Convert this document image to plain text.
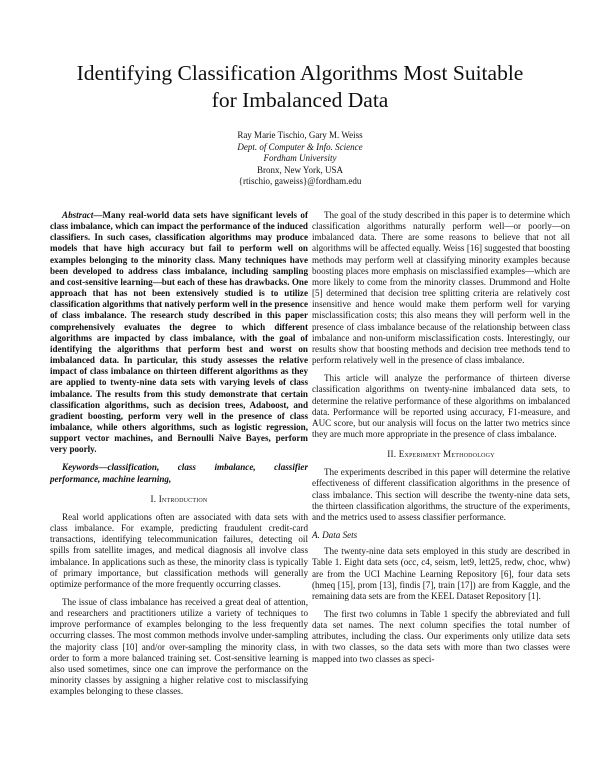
Identifying Classification Algorithms Most Suitable
for Imbalanced Data
Ray Marie Tischio, Gary M. Weiss
Dept. of Computer & Info. Science
Fordham University
Bronx, New York, USA
{rtischio, gaweiss}@fordham.edu

Abstract—Many real-world data sets have significant levels of class imbalance, which can impact the performance of the induced classifiers. In such cases, classification algorithms may produce models that have high accuracy but fail to perform well on examples belonging to the minority class. Many techniques have been developed to address class imbalance, including sampling and cost-sensitive learning—but each of these has drawbacks. One approach that has not been extensively studied is to utilize classification algorithms that natively perform well in the presence of class imbalance. The research study described in this paper comprehensively evaluates the degree to which different algorithms are impacted by class imbalance, with the goal of identifying the algorithms that perform best and worst on imbalanced data. In particular, this study assesses the relative impact of class imbalance on thirteen different algorithms as they are applied to twenty-nine data sets with varying levels of class imbalance. The results from this study demonstrate that certain classification algorithms, such as decision trees, Adaboost, and gradient boosting, perform very well in the presence of class imbalance, while others algorithms, such as logistic regression, support vector machines, and Bernoulli Naïve Bayes, perform very poorly.

Keywords—classification, class imbalance, classifier performance, machine learning,

I. Introduction

Real world applications often are associated with data sets with class imbalance. For example, predicting fraudulent credit-card transactions, identifying telecommunication failures, detecting oil spills from satellite images, and medical diagnosis all involve class imbalance. In applications such as these, the minority class is typically of primary importance, but classification methods will generally optimize performance of the more frequently occurring classes.

The issue of class imbalance has received a great deal of attention, and researchers and practitioners utilize a variety of techniques to improve performance of examples belonging to the less frequently occurring classes. The most common methods involve under-sampling the majority class [10] and/or over-sampling the minority class, in order to form a more balanced training set. Cost-sensitive learning is also used sometimes, since one can improve the performance on the minority classes by assigning a higher relative cost to misclassifying examples belonging to these classes.

The goal of the study described in this paper is to determine which classification algorithms naturally perform well—or poorly—on imbalanced data. There are some reasons to believe that not all algorithms will be affected equally. Weiss [16] suggested that boosting methods may perform well at classifying minority examples because boosting places more emphasis on misclassified examples—which are more likely to come from the minority classes. Drummond and Holte [5] determined that decision tree splitting criteria are relatively cost insensitive and hence would make them perform well for varying misclassification costs; this also means they will perform well in the presence of class imbalance because of the relationship between class imbalance and non-uniform misclassification costs. Interestingly, our results show that boosting methods and decision tree methods tend to perform relatively well in the presence of class imbalance.

This article will analyze the performance of thirteen diverse classification algorithms on twenty-nine imbalanced data sets, to determine the relative performance of these algorithms on imbalanced data. Performance will be reported using accuracy, F1-measure, and AUC score, but our analysis will focus on the latter two metrics since they are much more appropriate in the presence of class imbalance.

II. Experiment Methodology

The experiments described in this paper will determine the relative effectiveness of different classification algorithms in the presence of class imbalance. This section will describe the twenty-nine data sets, the thirteen classification algorithms, the structure of the experiments, and the metrics used to assess classifier performance.

A. Data Sets

The twenty-nine data sets employed in this study are described in Table 1. Eight data sets (occ, c4, seism, let9, lett25, redw, choc, whw) are from the UCI Machine Learning Repository [6], four data sets (hmeq [15], prom [13], findis [7], train [17]) are from Kaggle, and the remaining data sets are from the KEEL Dataset Repository [1].

The first two columns in Table 1 specify the abbreviated and full data set names. The next column specifies the total number of attributes, including the class. Our experiments only utilize data sets with two classes, so the data sets with more than two classes were mapped into two classes as speci-
